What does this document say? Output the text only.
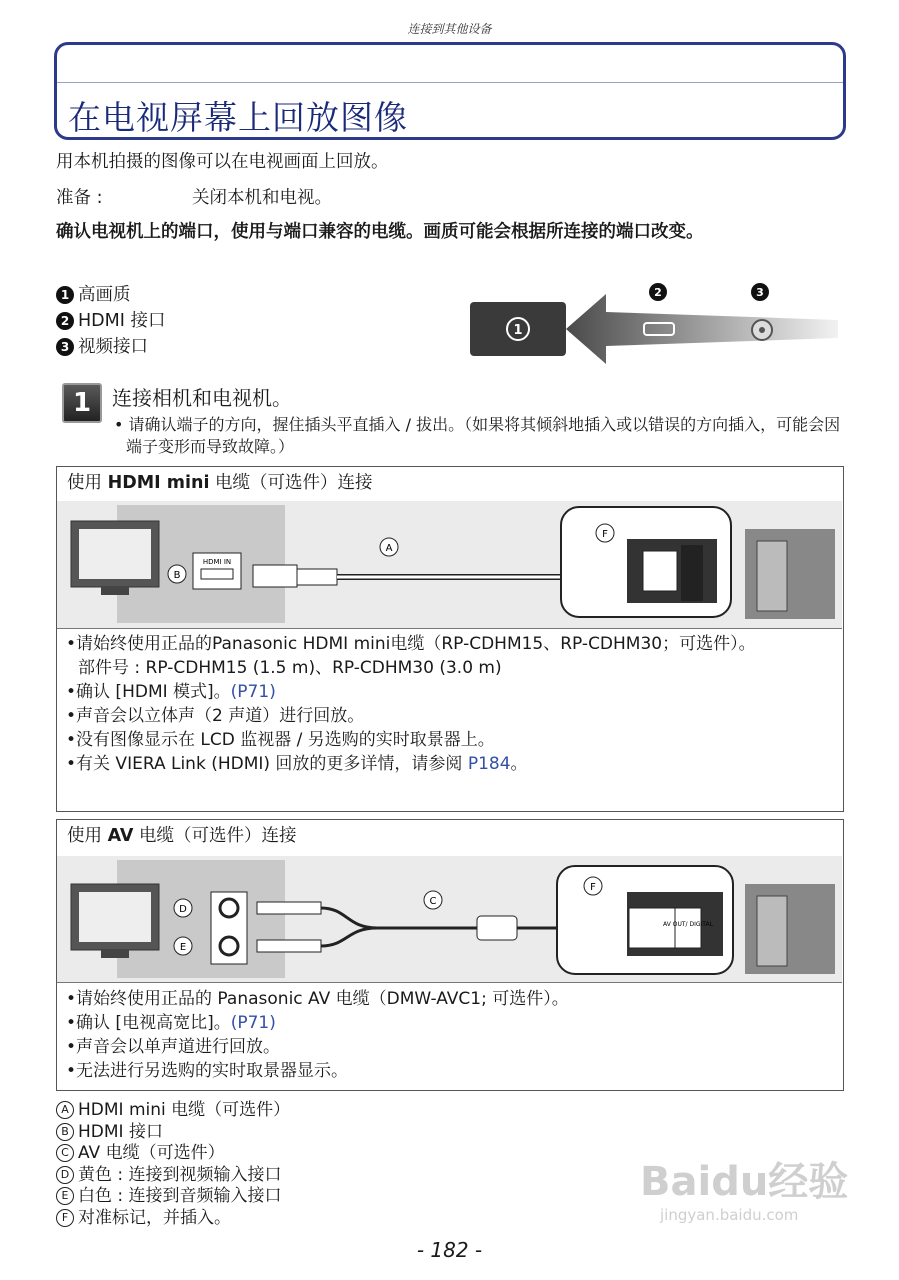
连接到其他设备
在电视屏幕上回放图像
用本机拍摄的图像可以在电视画面上回放。
准备 :	关闭本机和电视。
确认电视机上的端口，使用与端口兼容的电缆。画质可能会根据所连接的端口改变。
1 高画质
2 HDMI 接口
3 视频接口
1
2	3
1	连接相机和电视机。
• 请确认端子的方向，握住插头平直插入 / 拔出。（如果将其倾斜地插入或以错误的方向插入，可能会因端子变形而导致故障。）
使用 HDMI mini 电缆（可选件）连接
B
HDMI IN
A
F
•请始终使用正品的Panasonic HDMI mini电缆（RP-CDHM15、RP-CDHM30；可选件）。
部件号 : RP-CDHM15 (1.5 m)、RP-CDHM30 (3.0 m)
•确认 [HDMI 模式]。(P71)
•声音会以立体声（2 声道）进行回放。
•没有图像显示在 LCD 监视器 / 另选购的实时取景器上。
•有关 VIERA Link (HDMI) 回放的更多详情，请参阅 P184。
使用 AV 电缆（可选件）连接
D
E
C
F
AV OUT/ DIGITAL
•请始终使用正品的 Panasonic AV 电缆（DMW-AVC1; 可选件）。
•确认 [电视高宽比]。(P71)
•声音会以单声道进行回放。
•无法进行另选购的实时取景器显示。
A HDMI mini 电缆（可选件）
B HDMI 接口
C AV 电缆（可选件）
D 黄色 : 连接到视频输入接口
E 白色 : 连接到音频输入接口
F 对准标记，并插入。
Baidu经验
jingyan.baidu.com
- 182 -
